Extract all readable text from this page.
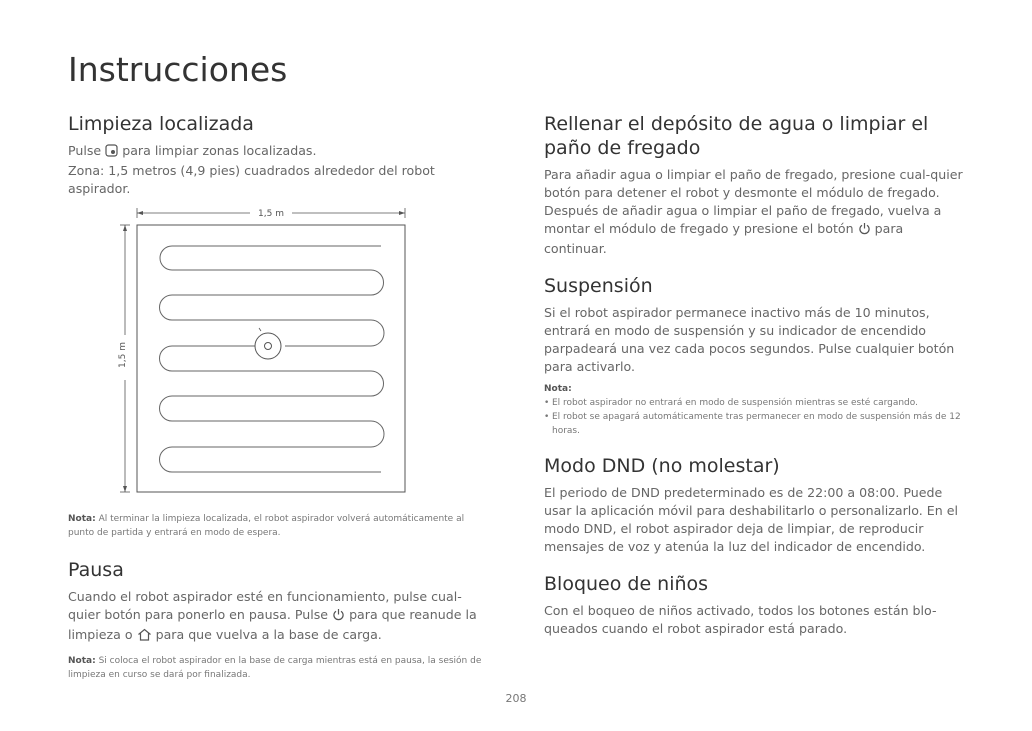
Instrucciones
Limpieza localizada

Pulse para limpiar zonas localizadas.
Zona: 1,5 metros (4,9 pies) cuadrados alrededor del robot aspirador.

1,5 m
1,5 m

Nota: Al terminar la limpieza localizada, el robot aspirador volverá automáticamente al punto de partida y entrará en modo de espera.

Pausa

Cuando el robot aspirador esté en funcionamiento, pulse cual-quier botón para ponerlo en pausa. Pulse para que reanude la limpieza o para que vuelva a la base de carga.

Nota: Si coloca el robot aspirador en la base de carga mientras está en pausa, la sesión de limpieza en curso se dará por finalizada.

Rellenar el depósito de agua o limpiar el paño de fregado

Para añadir agua o limpiar el paño de fregado, presione cual-quier botón para detener el robot y desmonte el módulo de fregado. Después de añadir agua o limpiar el paño de fregado, vuelva a montar el módulo de fregado y presione el botón para continuar.

Suspensión

Si el robot aspirador permanece inactivo más de 10 minutos, entrará en modo de suspensión y su indicador de encendido parpadeará una vez cada pocos segundos. Pulse cualquier botón para activarlo.

Nota:
• El robot aspirador no entrará en modo de suspensión mientras se esté cargando.
• El robot se apagará automáticamente tras permanecer en modo de suspensión más de 12 horas.
Modo DND (no molestar)

El periodo de DND predeterminado es de 22:00 a 08:00. Puede usar la aplicación móvil para deshabilitarlo o personalizarlo. En el modo DND, el robot aspirador deja de limpiar, de reproducir mensajes de voz y atenúa la luz del indicador de encendido.

Bloqueo de niños

Con el boqueo de niños activado, todos los botones están blo-queados cuando el robot aspirador está parado.

208
